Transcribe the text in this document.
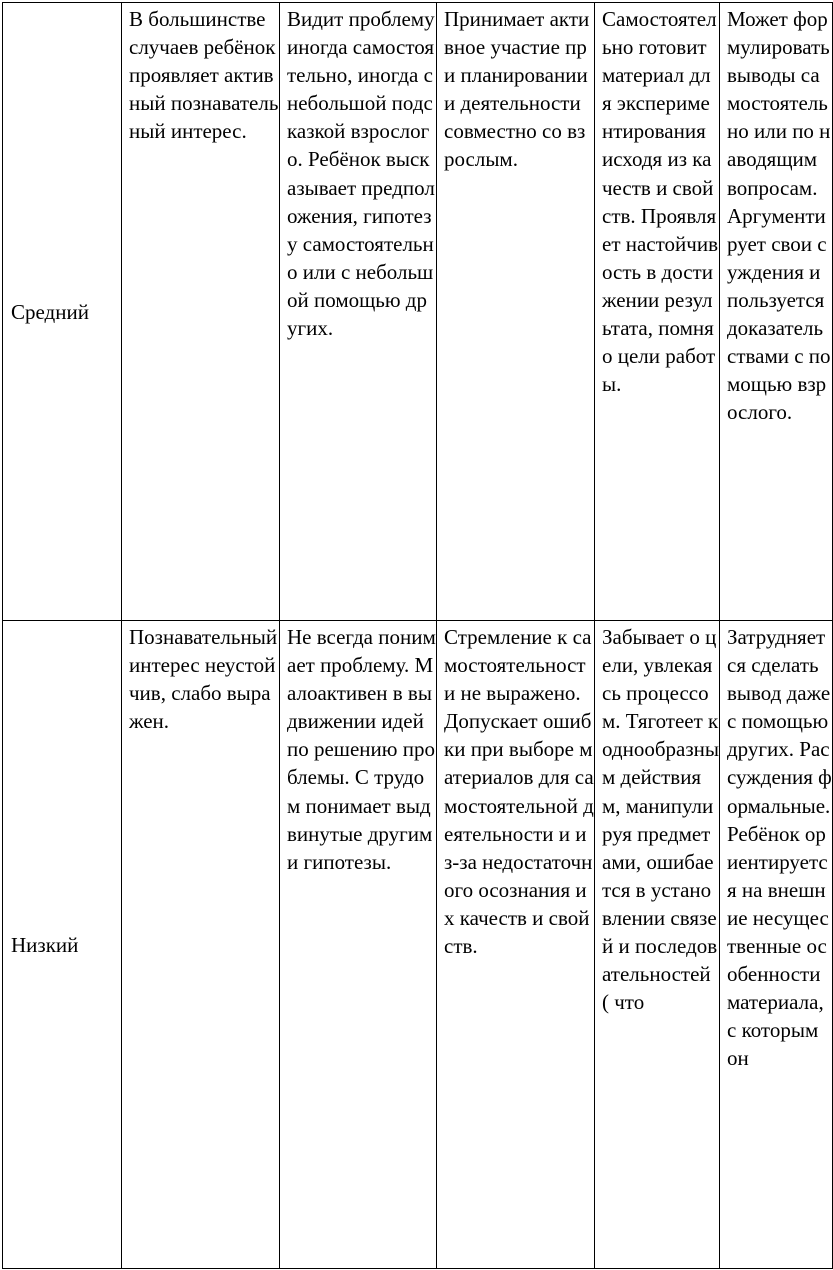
Средний	В большинстве случаев ребёнок проявляет активный познавательный интерес.	Видит проблему иногда самостоятельно, иногда с небольшой подсказкой взрослого. Ребёнок высказывает предположения, гипотезу самостоятельно или с небольшой помощью других.	Принимает активное участие при планировании и деятельности совместно со взрослым.	Самостоятельно готовит материал для экспериментирования исходя из качеств и свойств. Проявляет настойчивость в достижении результата, помня о цели работы.	Может формулировать выводы самостоятельно или по наводящим вопросам. Аргументирует свои суждения и пользуется доказательствами с помощью взрослого.

Низкий	Познавательный интерес неустойчив, слабо выражен.	Не всегда понимает проблему. Малоактивен в выдвижении идей по решению проблемы. С трудом понимает выдвинутые другими гипотезы.	Стремление к самостоятельности не выражено. Допускает ошибки при выборе материалов для самостоятельной деятельности и из-за недостаточного осознания их качеств и свойств.	Забывает о цели, увлекаясь процессом. Тяготеет к однообразным действиям, манипулируя предметами, ошибается в установлении связей и последовательностей ( что	Затрудняется сделать вывод даже с помощью других. Рассуждения формальные. Ребёнок ориентируется на внешние несущественные особенности материала, с которым он
